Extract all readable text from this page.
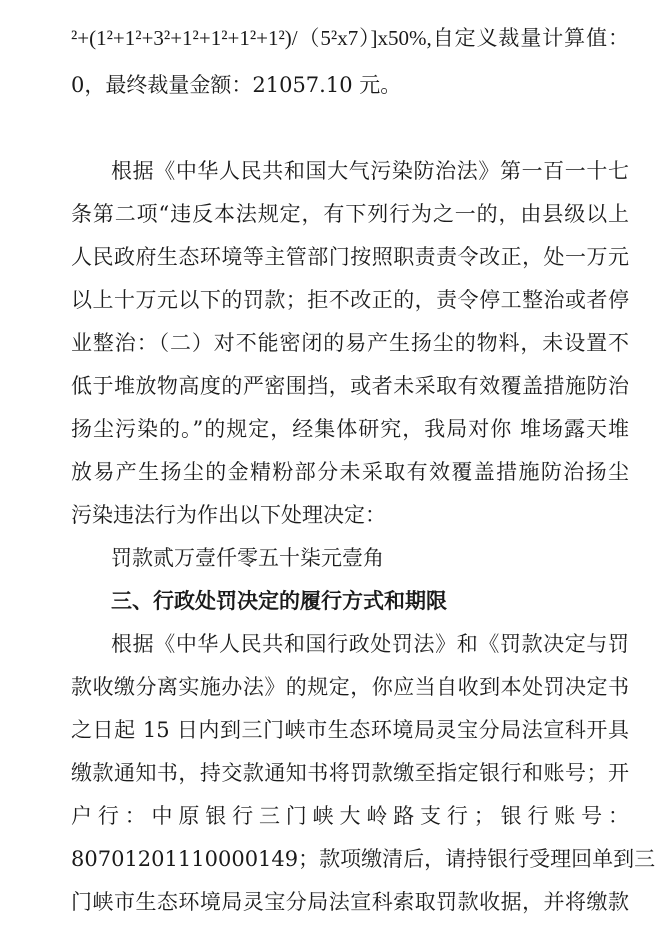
²+(1²+1²+3²+1²+1²+1²+1²)/（5²x7）]x50%,自定义裁量计算值：
0，最终裁量金额：21057.10 元。
根据《中华人民共和国大气污染防治法》第一百一十七
条第二项“违反本法规定，有下列行为之一的，由县级以上
人民政府生态环境等主管部门按照职责责令改正，处一万元
以上十万元以下的罚款；拒不改正的，责令停工整治或者停
业整治：（二）对不能密闭的易产生扬尘的物料，未设置不
低于堆放物高度的严密围挡，或者未采取有效覆盖措施防治
扬尘污染的。”的规定，经集体研究，我局对你 堆场露天堆
放易产生扬尘的金精粉部分未采取有效覆盖措施防治扬尘
污染违法行为作出以下处理决定：
罚款贰万壹仟零五十柒元壹角
三、行政处罚决定的履行方式和期限
根据《中华人民共和国行政处罚法》和《罚款决定与罚
款收缴分离实施办法》的规定，你应当自收到本处罚决定书
之日起 15 日内到三门峡市生态环境局灵宝分局法宣科开具
缴款通知书，持交款通知书将罚款缴至指定银行和账号；开
户行：中原银行三门峡大岭路支行；银行账号：
80701201110000149；款项缴清后，请持银行受理回单到三
门峡市生态环境局灵宝分局法宣科索取罚款收据，并将缴款
